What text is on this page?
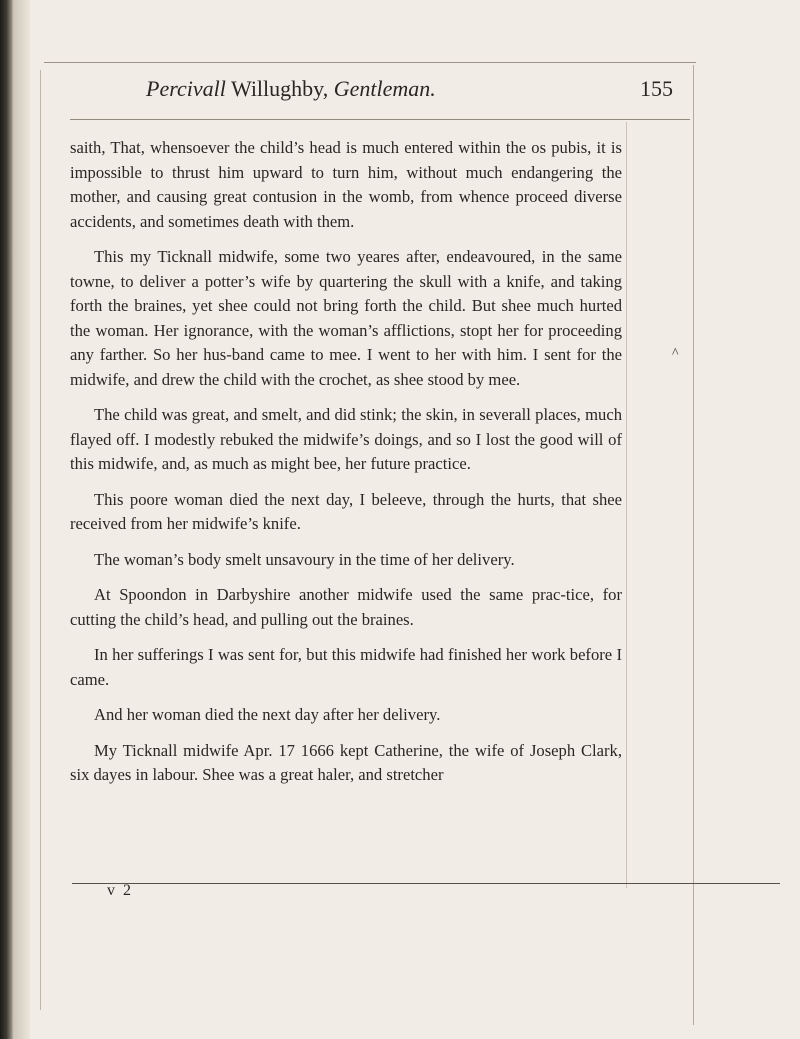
Percivall Willughby, Gentleman.	155

saith, That, whensoever the child’s head is much entered within the os pubis, it is impossible to thrust him upward to turn him, without much endangering the mother, and causing great contusion in the womb, from whence proceed diverse accidents, and sometimes death with them.

This my Ticknall midwife, some two yeares after, endeavoured, in the same towne, to deliver a potter’s wife by quartering the skull with a knife, and taking forth the braines, yet shee could not bring forth the child. But shee much hurted the woman. Her ignorance, with the woman’s afflictions, stopt her for proceeding any farther. So her hus-band came to mee. I went to her with him. I sent for the midwife, and drew the child with the crochet, as shee stood by mee.

The child was great, and smelt, and did stink; the skin, in severall places, much flayed off. I modestly rebuked the midwife’s doings, and so I lost the good will of this midwife, and, as much as might bee, her future practice.

This poore woman died the next day, I beleeve, through the hurts, that shee received from her midwife’s knife.

The woman’s body smelt unsavoury in the time of her delivery.

At Spoondon in Darbyshire another midwife used the same prac-tice, for cutting the child’s head, and pulling out the braines.

In her sufferings I was sent for, but this midwife had finished her work before I came.

And her woman died the next day after her delivery.

My Ticknall midwife Apr. 17 1666 kept Catherine, the wife of Joseph Clark, six dayes in labour. Shee was a great haler, and stretcher

v 2
^
